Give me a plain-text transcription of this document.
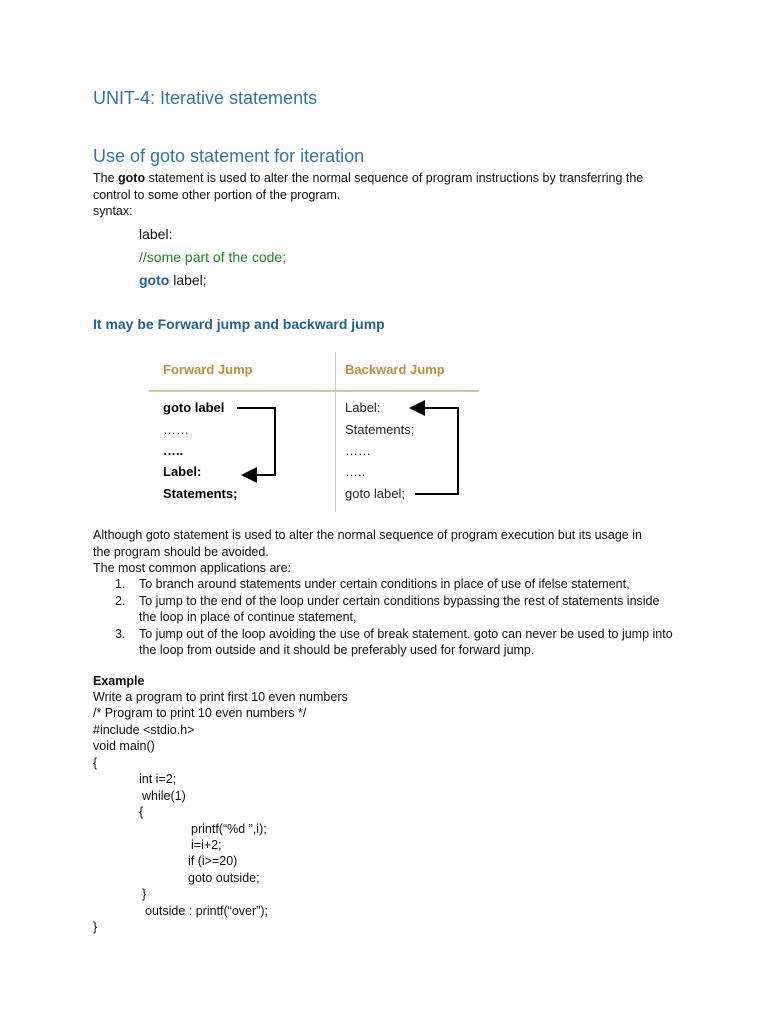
UNIT-4: Iterative statements
Use of goto statement for iteration
The goto statement is used to alter the normal sequence of program instructions by transferring the
control to some other portion of the program.
syntax:
label:
//some part of the code;
goto label;
It may be Forward jump and backward jump
Forward Jump	Backward Jump
goto label
……
…..
Label:
Statements;
Label:
Statements;
……
…..
goto label;
Although goto statement is used to alter the normal sequence of program execution but its usage in
the program should be avoided.
The most common applications are:
1. To branch around statements under certain conditions in place of use of ifelse statement,
2. To jump to the end of the loop under certain conditions bypassing the rest of statements inside the loop in place of continue statement,
3. To jump out of the loop avoiding the use of break statement. goto can never be used to jump into the loop from outside and it should be preferably used for forward jump.
Example
Write a program to print first 10 even numbers
/* Program to print 10 even numbers */
#include <stdio.h>
void main()
{
int i=2;
while(1)
{
printf(“%d ”,i);
i=i+2;
if (i>=20)
goto outside;
}
outside : printf(“over”);
}
